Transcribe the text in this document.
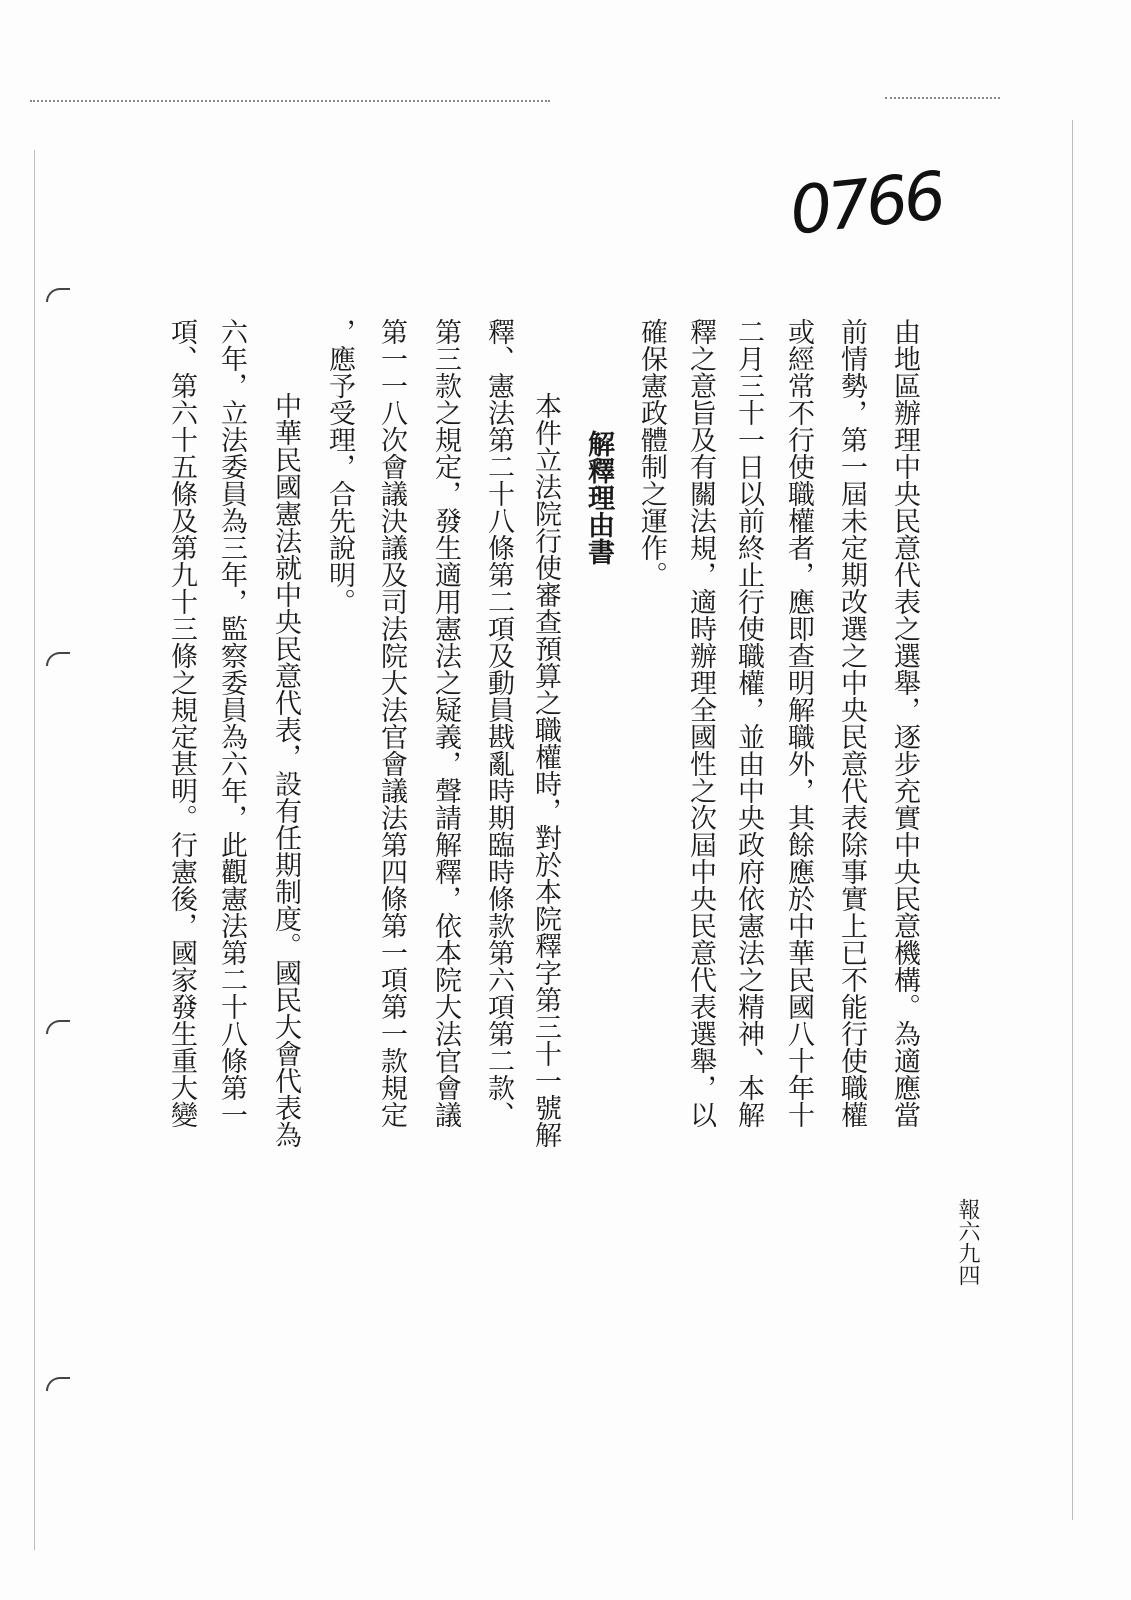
0766
由地區辦理中央民意代表之選舉，逐步充實中央民意機構。為適應當
前情勢，第一屆未定期改選之中央民意代表除事實上已不能行使職權
或經常不行使職權者，應即查明解職外，其餘應於中華民國八十年十
二月三十一日以前終止行使職權，並由中央政府依憲法之精神、本解
釋之意旨及有關法規，適時辦理全國性之次屆中央民意代表選舉，以
確保憲政體制之運作。
解釋理由書
本件立法院行使審查預算之職權時，對於本院釋字第三十一號解
釋、憲法第二十八條第二項及動員戡亂時期臨時條款第六項第二款、
第三款之規定，發生適用憲法之疑義，聲請解釋，依本院大法官會議
第一一八次會議決議及司法院大法官會議法第四條第一項第一款規定
，應予受理，合先說明。
中華民國憲法就中央民意代表，設有任期制度。國民大會代表為
六年，立法委員為三年，監察委員為六年，此觀憲法第二十八條第一
項、第六十五條及第九十三條之規定甚明。行憲後，國家發生重大變
報六九四
